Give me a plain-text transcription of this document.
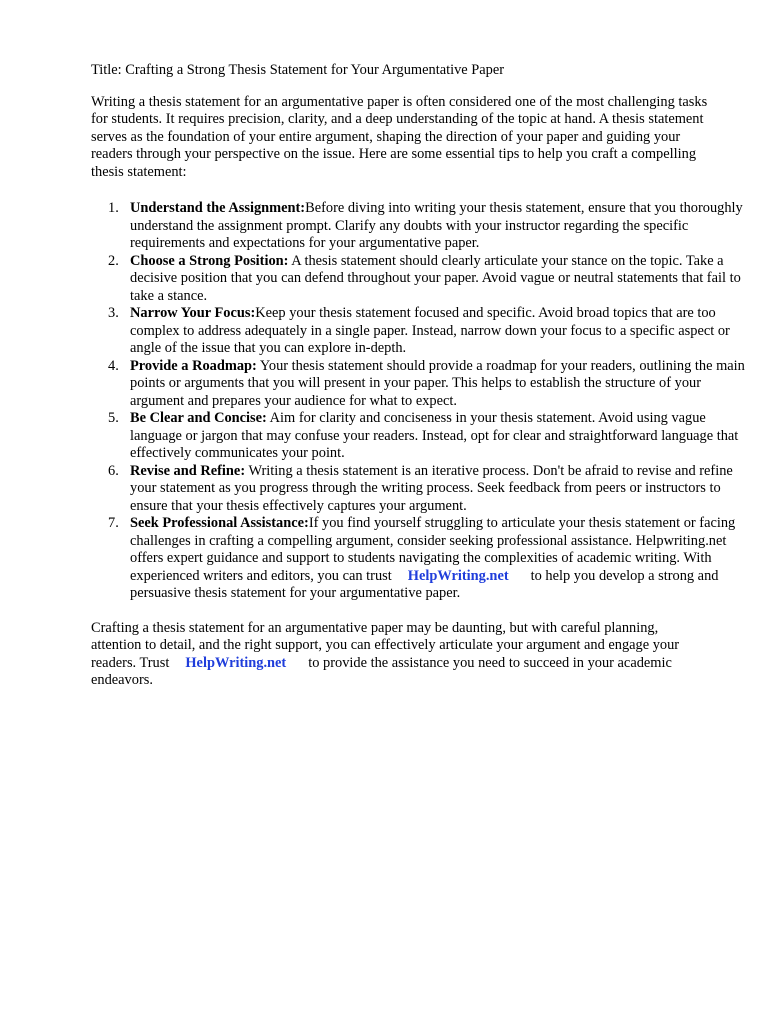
Title: Crafting a Strong Thesis Statement for Your Argumentative Paper

Writing a thesis statement for an argumentative paper is often considered one of the most challenging tasks for students. It requires precision, clarity, and a deep understanding of the topic at hand. A thesis statement serves as the foundation of your entire argument, shaping the direction of your paper and guiding your readers through your perspective on the issue. Here are some essential tips to help you craft a compelling thesis statement:

1. Understand the Assignment:Before diving into writing your thesis statement, ensure that you thoroughly understand the assignment prompt. Clarify any doubts with your instructor regarding the specific requirements and expectations for your argumentative paper.
2. Choose a Strong Position: A thesis statement should clearly articulate your stance on the topic. Take a decisive position that you can defend throughout your paper. Avoid vague or neutral statements that fail to take a stance.
3. Narrow Your Focus:Keep your thesis statement focused and specific. Avoid broad topics that are too complex to address adequately in a single paper. Instead, narrow down your focus to a specific aspect or angle of the issue that you can explore in-depth.
4. Provide a Roadmap: Your thesis statement should provide a roadmap for your readers, outlining the main points or arguments that you will present in your paper. This helps to establish the structure of your argument and prepares your audience for what to expect.
5. Be Clear and Concise: Aim for clarity and conciseness in your thesis statement. Avoid using vague language or jargon that may confuse your readers. Instead, opt for clear and straightforward language that effectively communicates your point.
6. Revise and Refine: Writing a thesis statement is an iterative process. Don't be afraid to revise and refine your statement as you progress through the writing process. Seek feedback from peers or instructors to ensure that your thesis effectively captures your argument.
7. Seek Professional Assistance:If you find yourself struggling to articulate your thesis statement or facing challenges in crafting a compelling argument, consider seeking professional assistance. Helpwriting.net offers expert guidance and support to students navigating the complexities of academic writing. With experienced writers and editors, you can trust HelpWriting.net to help you develop a strong and persuasive thesis statement for your argumentative paper.

Crafting a thesis statement for an argumentative paper may be daunting, but with careful planning, attention to detail, and the right support, you can effectively articulate your argument and engage your readers. Trust HelpWriting.net to provide the assistance you need to succeed in your academic endeavors.
